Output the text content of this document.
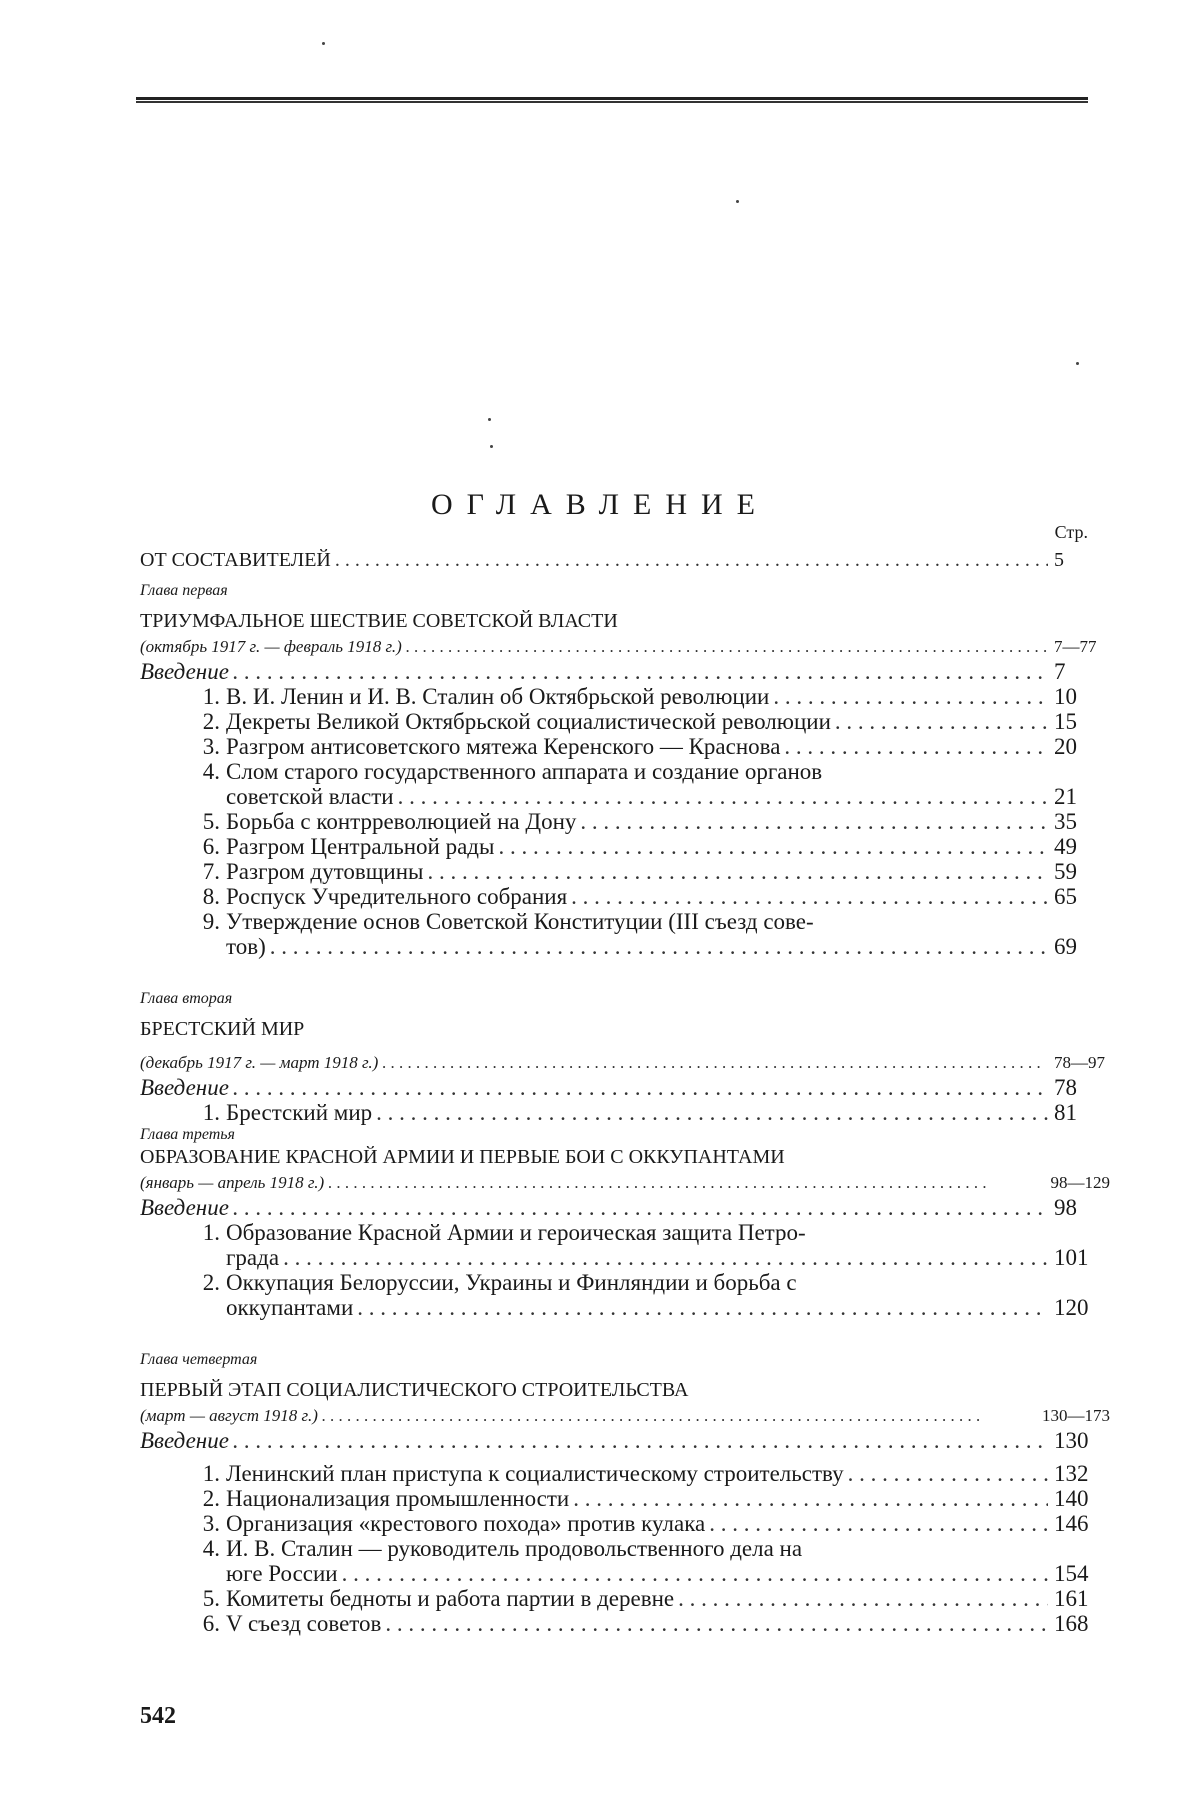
ОГЛАВЛЕНИЕ
Стр.
ОТ СОСТАВИТЕЛЕЙ . . .	5
Глава первая
ТРИУМФАЛЬНОЕ ШЕСТВИЕ СОВЕТСКОЙ ВЛАСТИ
(октябрь 1917 г. — февраль 1918 г.) . . .	7—77
Введение . . .	7
1. В. И. Ленин и И. В. Сталин об Октябрьской революции . . .	10
2. Декреты Великой Октябрьской социалистической революции . . .	15
3. Разгром антисоветского мятежа Керенского — Краснова . . .	20
4. Слом старого государственного аппарата и создание органов
советской власти . . .	21
5. Борьба с контрреволюцией на Дону . . .	35
6. Разгром Центральной рады . . .	49
7. Разгром дутовщины . . .	59
8. Роспуск Учредительного собрания . . .	65
9. Утверждение основ Советской Конституции (III съезд сове-
тов) . . .	69
Глава вторая
БРЕСТСКИЙ МИР
(декабрь 1917 г. — март 1918 г.) . . .	78—97
Введение . . .	78
1. Брестский мир . . .	81
Глава третья
ОБРАЗОВАНИЕ КРАСНОЙ АРМИИ И ПЕРВЫЕ БОИ С ОККУПАНТАМИ
(январь — апрель 1918 г.) . . .	98—129
Введение . . .	98
1. Образование Красной Армии и героическая защита Петро-
града . . .	101
2. Оккупация Белоруссии, Украины и Финляндии и борьба с
оккупантами . . .	120
Глава четвертая
ПЕРВЫЙ ЭТАП СОЦИАЛИСТИЧЕСКОГО СТРОИТЕЛЬСТВА
(март — август 1918 г.) . . .	130—173
Введение . . .	130
1. Ленинский план приступа к социалистическому строительству . . .	132
2. Национализация промышленности . . .	140
3. Организация «крестового похода» против кулака . . .	146
4. И. В. Сталин — руководитель продовольственного дела на
юге России . . .	154
5. Комитеты бедноты и работа партии в деревне . . .	161
6. V съезд советов . . .	168
542
